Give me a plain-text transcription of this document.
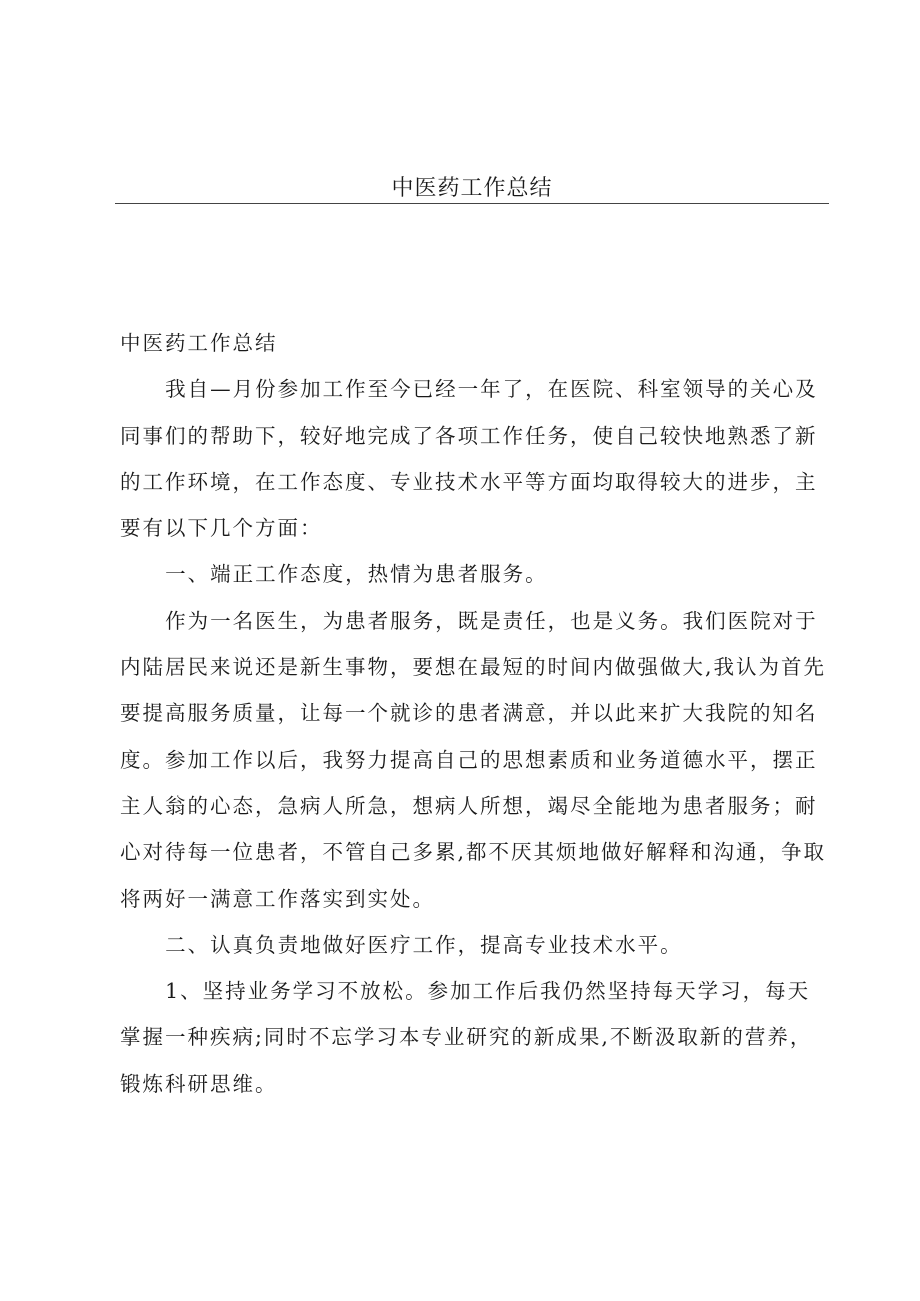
中医药工作总结

中医药工作总结

我自—月份参加工作至今已经一年了，在医院、科室领导的关心及同事们的帮助下，较好地完成了各项工作任务，使自己较快地熟悉了新的工作环境，在工作态度、专业技术水平等方面均取得较大的进步，主要有以下几个方面：

一、端正工作态度，热情为患者服务。

作为一名医生，为患者服务，既是责任，也是义务。我们医院对于内陆居民来说还是新生事物，要想在最短的时间内做强做大,我认为首先要提高服务质量，让每一个就诊的患者满意，并以此来扩大我院的知名度。参加工作以后，我努力提高自己的思想素质和业务道德水平，摆正主人翁的心态，急病人所急，想病人所想，竭尽全能地为患者服务；耐心对待每一位患者，不管自己多累,都不厌其烦地做好解释和沟通，争取将两好一满意工作落实到实处。

二、认真负责地做好医疗工作，提高专业技术水平。

1、坚持业务学习不放松。参加工作后我仍然坚持每天学习，每天掌握一种疾病;同时不忘学习本专业研究的新成果,不断汲取新的营养，锻炼科研思维。
